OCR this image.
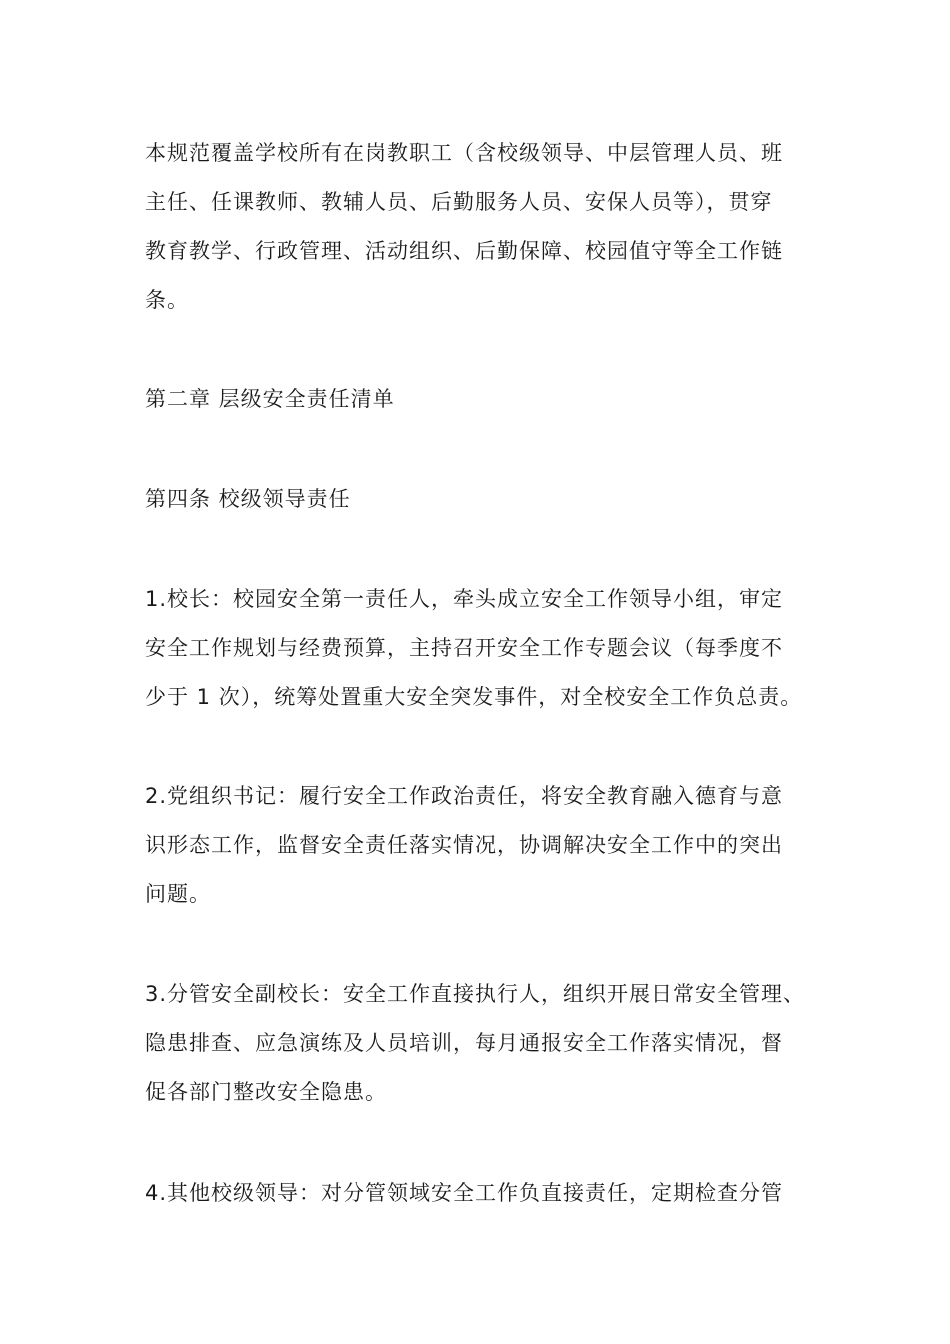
本规范覆盖学校所有在岗教职工（含校级领导、中层管理人员、班
主任、任课教师、教辅人员、后勤服务人员、安保人员等），贯穿
教育教学、行政管理、活动组织、后勤保障、校园值守等全工作链
条。
第二章 层级安全责任清单
第四条 校级领导责任
1.校长：校园安全第一责任人，牵头成立安全工作领导小组，审定
安全工作规划与经费预算，主持召开安全工作专题会议（每季度不
少于 1 次），统筹处置重大安全突发事件，对全校安全工作负总责。
2.党组织书记：履行安全工作政治责任，将安全教育融入德育与意
识形态工作，监督安全责任落实情况，协调解决安全工作中的突出
问题。
3.分管安全副校长：安全工作直接执行人，组织开展日常安全管理、
隐患排查、应急演练及人员培训，每月通报安全工作落实情况，督
促各部门整改安全隐患。
4.其他校级领导：对分管领域安全工作负直接责任，定期检查分管
